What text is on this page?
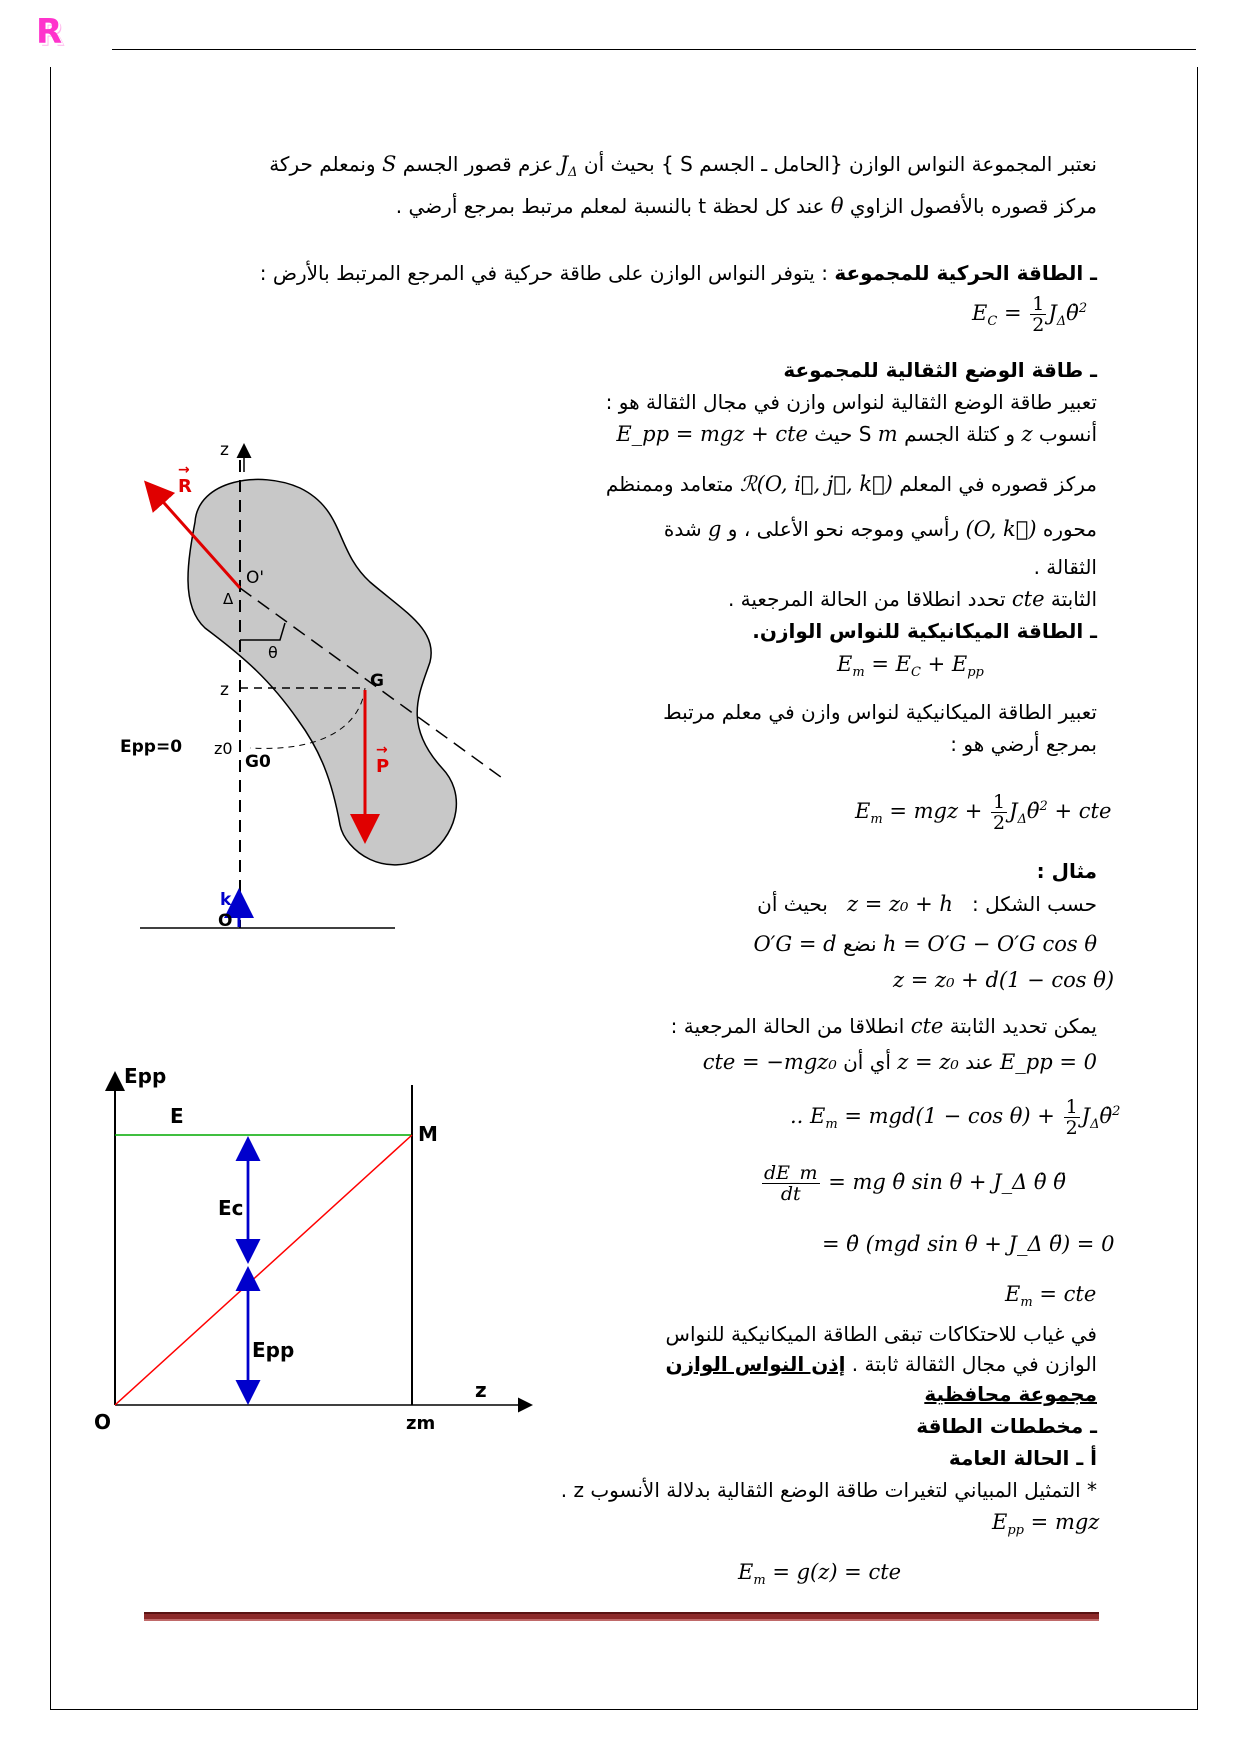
R
نعتبر المجموعة النواس الوازن {الحامل ـ الجسم S } بحيث أن $J_\Delta$ عزم قصور الجسم S ونمعلم حركة
مركز قصوره بالأفصول الزاوي θ عند كل لحظة t بالنسبة لمعلم مرتبط بمرجع أرضي .
ـ الطاقة الحركية للمجموعة : يتوفر النواس الوازن على طاقة حركية في المرجع المرتبط بالأرض :
$E_C = \frac{1}{2}$ $J_\Delta\thetȧ^2$
ـ طاقة الوضع الثقالية للمجموعة
تعبير طاقة الوضع الثقالية لنواس وازن في مجال الثقالة هو :
أنسوب z و كتلة الجسم S m حيث E_pp = mgz + cte
مركز قصوره في المعلم ℛ(O, i⃗, j⃗, k⃗) متعامد وممنظم
محوره (O, k⃗) رأسي وموجه نحو الأعلى ، و g شدة
الثقالة .
الثابتة cte تحدد انطلاقا من الحالة المرجعية .
ـ الطاقة الميكانيكية للنواس الوازن.
$E_m = E_C + E_{pp}$
تعبير الطاقة الميكانيكية لنواس وازن في معلم مرتبط
بمرجع أرضي هو :
$E_m$ = mgz + $\frac{1}{2}$ $J_\Delta\thetȧ^2$ + cte
مثال :
حسب الشكل :   z = z₀ + h   بحيث أن
h = O′G − O′G cos θ نضع O′G = d
z = z₀ + d(1 − cos θ)
يمكن تحديد الثابتة cte انطلاقا من الحالة المرجعية :
E_pp = 0 عند z = z₀ أي أن cte = −mgz₀
.. $E_m = mgd(1 - \cos \theta) + \frac{1}{2}$ $J_\Delta\thetȧ^2$
$\frac{dE\_m}{dt}$ = mg θ̇ sin θ + J_Δ θ̇ θ̈
= θ̇ (mgd sin θ + J_Δ θ̈) = 0
$E_m$ = cte
في غياب للاحتكاكات تبقى الطاقة الميكانيكية للنواس
الوازن في مجال الثقالة ثابتة . إذن النواس الوازن
مجموعة محافظية
ـ مخططات الطاقة
أ ـ الحالة العامة
* التمثيل المبياني لتغيرات طاقة الوضع الثقالية بدلالة الأنسوب z .
$E_{pp}$ = mgz
$E_m = g(z)$ = cte
z
R
→
P
→
k
O'
Δ
θ
z	G
Epp=0 z0
G0
O
Epp
E
M
Ec
Epp
O
z
zm
